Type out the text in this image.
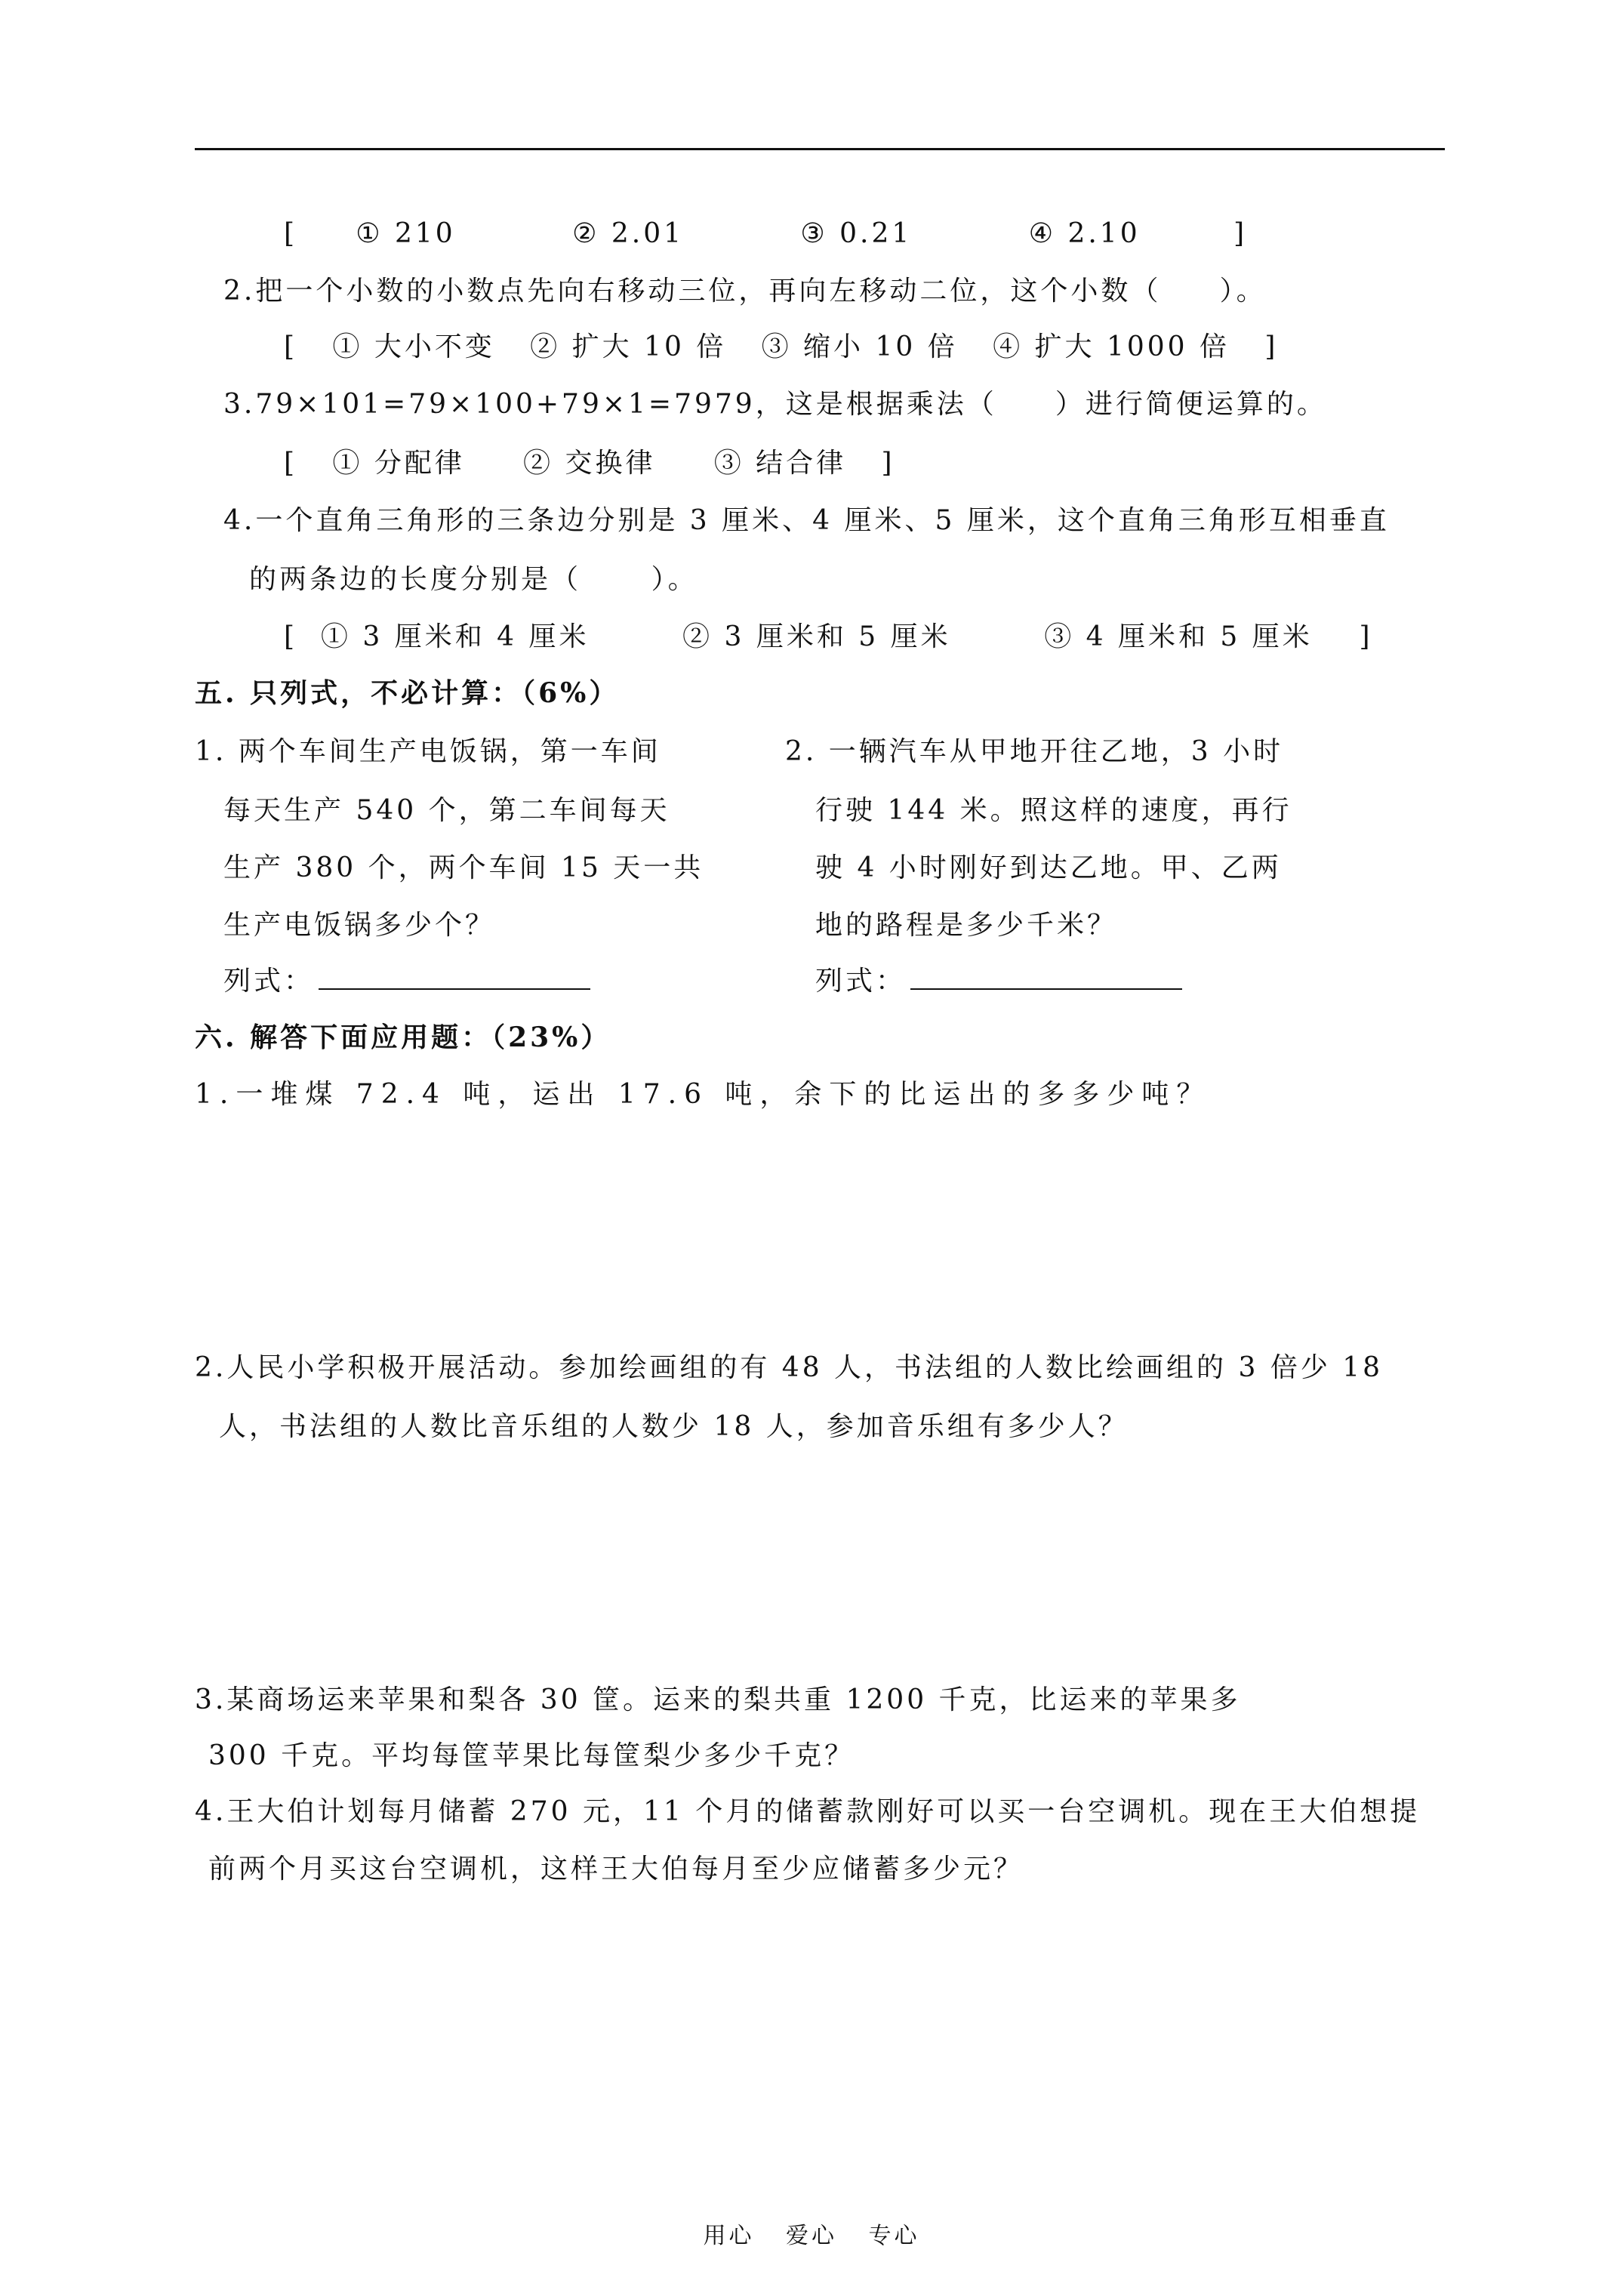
[     ① 210          ② 2.01          ③ 0.21          ④ 2.10        ]
2.把一个小数的小数点先向右移动三位，再向左移动二位，这个小数（     ）。
[   ① 大小不变   ② 扩大 10 倍   ③ 缩小 10 倍   ④ 扩大 1000 倍   ]
3.79×101=79×100+79×1=7979，这是根据乘法（     ）进行简便运算的。
[   ① 分配律     ② 交换律     ③ 结合律   ]
4.一个直角三角形的三条边分别是 3 厘米、4 厘米、5 厘米，这个直角三角形互相垂直
的两条边的长度分别是（      ）。
[  ① 3 厘米和 4 厘米        ② 3 厘米和 5 厘米        ③ 4 厘米和 5 厘米    ]
五. 只列式，不必计算：（6%）
1. 两个车间生产电饭锅，第一车间
每天生产 540 个，第二车间每天
生产 380 个，两个车间 15 天一共
生产电饭锅多少个？
列式：
2. 一辆汽车从甲地开往乙地，3 小时
行驶 144 米。照这样的速度，再行
驶 4 小时刚好到达乙地。甲、乙两
地的路程是多少千米？
列式：
六. 解答下面应用题：（23%）
1.一堆煤 72.4 吨，运出 17.6 吨，余下的比运出的多多少吨？
2.人民小学积极开展活动。参加绘画组的有 48 人，书法组的人数比绘画组的 3 倍少 18
人，书法组的人数比音乐组的人数少 18 人，参加音乐组有多少人？
3.某商场运来苹果和梨各 30 筐。运来的梨共重 1200 千克，比运来的苹果多
300 千克。平均每筐苹果比每筐梨少多少千克？
4.王大伯计划每月储蓄 270 元，11 个月的储蓄款刚好可以买一台空调机。现在王大伯想提
前两个月买这台空调机，这样王大伯每月至少应储蓄多少元？
用心 爱心 专心
